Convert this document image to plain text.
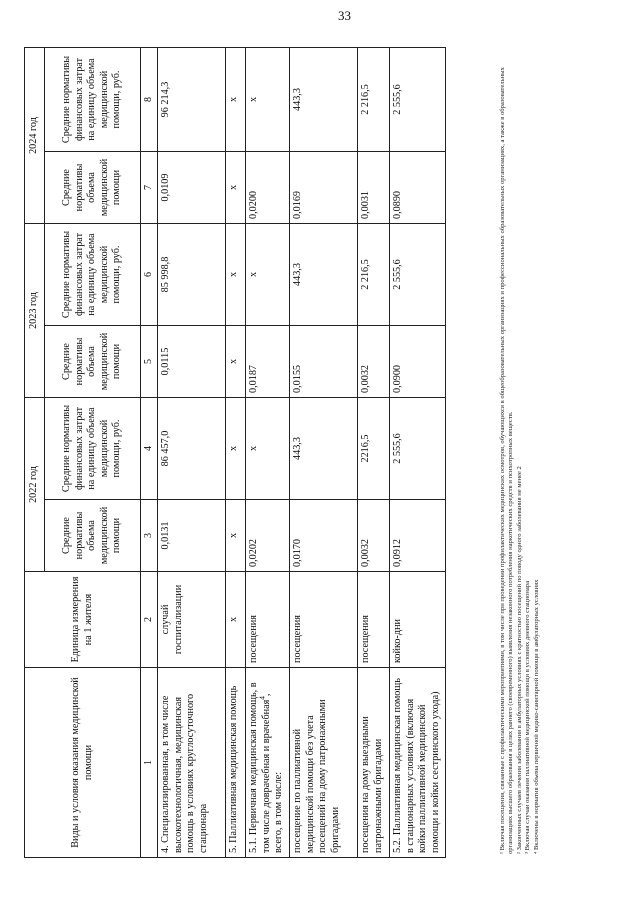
33
Виды и условия оказания медицинской помощи	Единица измерения на 1 жителя	2022 год		2023 год		2024 год	
		Средние нормативы объема медицинской помощи	Средние нормативы финансовых затрат на единицу объема медицинской помощи, руб.	Средние нормативы объема медицинской помощи	Средние нормативы финансовых затрат на единицу объема медицинской помощи, руб.	Средние нормативы объема медицинской помощи	Средние нормативы финансовых затрат на единицу объема медицинской помощи, руб.
1	2	3	4	5	6	7	8
4. Специализированная, в том числе высокотехнологичная, медицинская помощь в условиях круглосуточного стационара	случай госпитализации	0,0131	86 457,0	0,0115	85 998,8	0,0109	96 214,3
5. Паллиативная медицинская помощь	х	х	х	х	х	х	х
5.1. Первичная медицинская помощь, в том числе доврачебная и врачебная$^4$, всего, в том числе:	посещения	0,0202	х	0,0187	х	0,0200	х
посещение по паллиативной медицинской помощи без учета посещений на дому патронажными бригадами	посещения	0,0170	443,3	0,0155	443,3	0,0169	443,3
посещения на дому выездными патронажными бригадами	посещения	0,0032	2216,5	0,0032	2 216,5	0,0031	2 216,5
5.2. Паллиативная медицинская помощь в стационарных условиях (включая койки паллиативной медицинской помощи и койки сестринского ухода)	койко-дни	0,0912	2 555,6	0,0900	2 555,6	0,0890	2 555,6	¹ Включая посещения, связанные с профилактическими мероприятиями, в том числе при проведении профилактических медицинских осмотров, обучающихся в общеобразовательных организациях и профессиональных образовательных организациях, а также в образовательных организациях высшего образования в целях раннего (своевременного) выявления незаконного потребления наркотических средств и психотропных веществ. ² Законченных случаев лечения заболевания в амбулаторных условиях с кратностью посещений по поводу одного заболевания не менее 2 ³ Включая случаи оказания паллиативной медицинской помощи в условиях дневного стационара ⁴ Включены в норматив объема первичной медико-санитарной помощи в амбулаторных условиях
